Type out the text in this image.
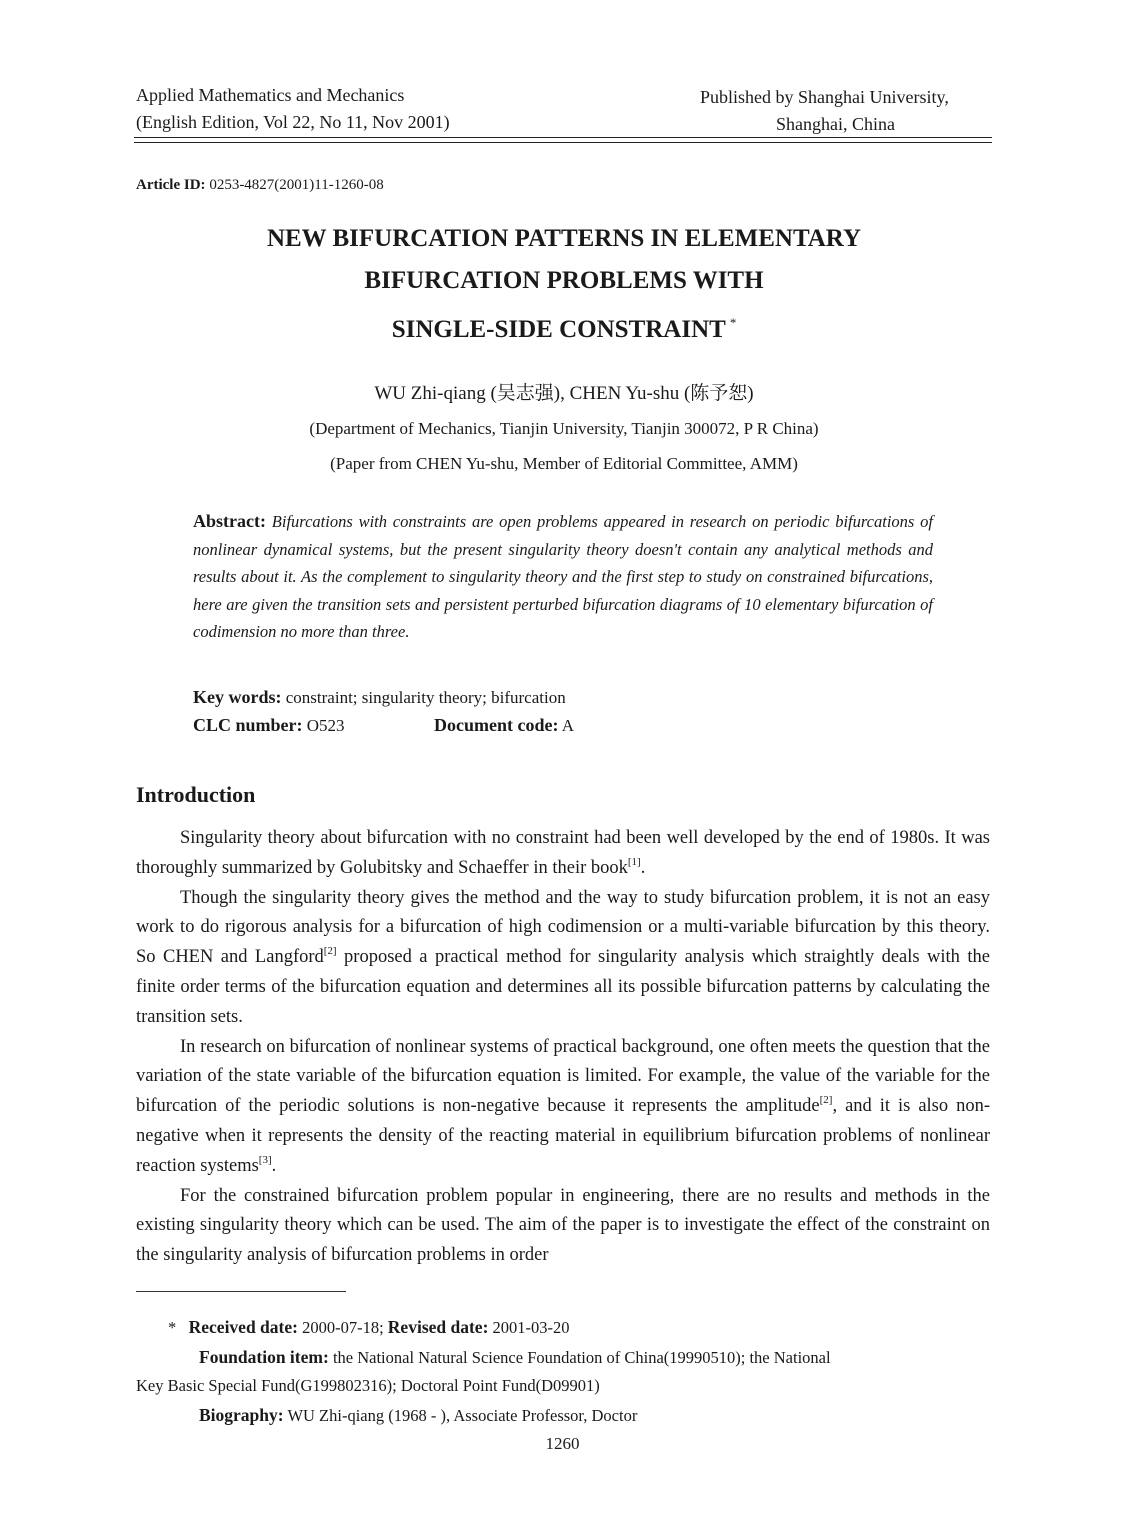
Applied Mathematics and Mechanics
(English Edition, Vol 22, No 11, Nov 2001)
Published by Shanghai University,
Shanghai, China
Article ID: 0253-4827(2001)11-1260-08
NEW BIFURCATION PATTERNS IN ELEMENTARY
BIFURCATION PROBLEMS WITH
SINGLE-SIDE CONSTRAINT *
WU Zhi-qiang (吴志强), CHEN Yu-shu (陈予恕)
(Department of Mechanics, Tianjin University, Tianjin 300072, P R China)
(Paper from CHEN Yu-shu, Member of Editorial Committee, AMM)
Abstract: Bifurcations with constraints are open problems appeared in research on periodic bifurcations of nonlinear dynamical systems, but the present singularity theory doesn't contain any analytical methods and results about it. As the complement to singularity theory and the first step to study on constrained bifurcations, here are given the transition sets and persistent perturbed bifurcation diagrams of 10 elementary bifurcation of codimension no more than three.
Key words: constraint; singularity theory; bifurcation
CLC number: O523	Document code: A
Introduction

Singularity theory about bifurcation with no constraint had been well developed by the end of 1980s. It was thoroughly summarized by Golubitsky and Schaeffer in their book[1].

Though the singularity theory gives the method and the way to study bifurcation problem, it is not an easy work to do rigorous analysis for a bifurcation of high codimension or a multi-variable bifurcation by this theory. So CHEN and Langford[2] proposed a practical method for singularity analysis which straightly deals with the finite order terms of the bifurcation equation and determines all its possible bifurcation patterns by calculating the transition sets.

In research on bifurcation of nonlinear systems of practical background, one often meets the question that the variation of the state variable of the bifurcation equation is limited. For example, the value of the variable for the bifurcation of the periodic solutions is non-negative because it represents the amplitude[2], and it is also non-negative when it represents the density of the reacting material in equilibrium bifurcation problems of nonlinear reaction systems[3].

For the constrained bifurcation problem popular in engineering, there are no results and methods in the existing singularity theory which can be used. The aim of the paper is to investigate the effect of the constraint on the singularity analysis of bifurcation problems in order

* Received date: 2000-07-18; Revised date: 2001-03-20
Foundation item: the National Natural Science Foundation of China(19990510); the National
Key Basic Special Fund(G199802316); Doctoral Point Fund(D09901)
Biography: WU Zhi-qiang (1968 - ), Associate Professor, Doctor
1260
